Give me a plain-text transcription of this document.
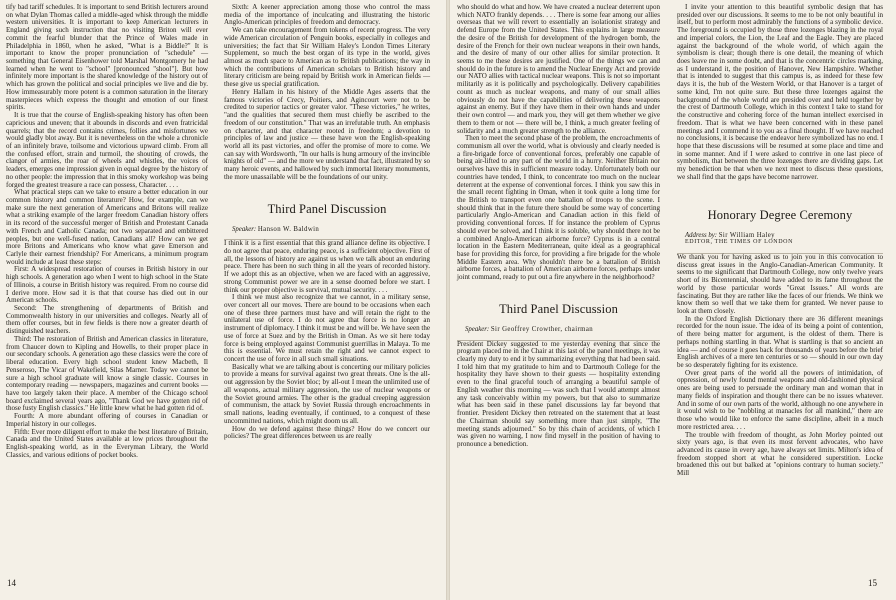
tify bad tariff schedules. It is important to send British lecturers around on what Dylan Thomas called a middle-aged whisk through the middle western universities. It is important to keep American lecturers in England giving such instruction that no visiting Briton will ever commit the fearful blunder that the Prince of Wales made in Philadelphia in 1860, when he asked, "What is a Biddle?" It is important to know the proper pronunciation of "schedule" — something that General Eisenhower told Marshal Montgomery he had learned when he went to "school" [pronounced "shool"]. But how infinitely more important is the shared knowledge of the history out of which has grown the political and social principles we live and die by. How immeasurably more potent is a common saturation in the literary masterpieces which express the thought and emotion of our finest spirits.

It is true that the course of English-speaking history has often been capricious and uneven; that it abounds in discords and even fratricidal quarrels; that the record contains crimes, follies and misfortunes we would gladly blot away. But it is nevertheless on the whole a chronicle of an infinitely brave, toilsome and victorious upward climb. From all the confused effort, strain and turmoil, the shouting of crowds, the clangor of armies, the roar of wheels and whistles, the voices of leaders, emerges one impression given in equal degree by the history of no other people: the impression that in this smoky workshop was being forged the greatest treasure a race can possess, Character. . . .

What practical steps can we take to ensure a better education in our common history and common literature? How, for example, can we make sure the next generation of Americans and Britons will realize what a striking example of the larger freedom Canadian history offers in its record of the successful merger of British and Protestant Canada with French and Catholic Canada; not two separated and embittered peoples, but one well-fused nation, Canadians all? How can we get more Britons and Americans who know what gave Emerson and Carlyle their earnest friendship? For Americans, a minimum program would include at least these steps:

First: A widespread restoration of courses in British history in our high schools. A generation ago when I went to high school in the State of Illinois, a course in British history was required. From no course did I derive more. How sad it is that that course has died out in our American schools.

Second: The strengthening of departments of British and Commonwealth history in our universities and colleges. Nearly all of them offer courses, but in few fields is there now a greater dearth of distinguished teachers.

Third: The restoration of British and American classics in literature, from Chaucer down to Kipling and Howells, to their proper place in our secondary schools. A generation ago these classics were the core of liberal education. Every high school student knew Macbeth, Il Penseroso, The Vicar of Wakefield, Silas Marner. Today we cannot be sure a high school graduate will know a single classic. Courses in contemporary reading — newspapers, magazines and current books — have too largely taken their place. A member of the Chicago school board exclaimed several years ago, "Thank God we have gotten rid of those fusty English classics." He little knew what he had gotten rid of.

Fourth: A more abundant offering of courses in Canadian or Imperial history in our colleges.

Fifth: Ever more diligent effort to make the best literature of Britain, Canada and the United States available at low prices throughout the English-speaking world, as in the Everyman Library, the World Classics, and various editions of pocket books.

Sixth: A keener appreciation among those who control the mass media of the importance of inculcating and illustrating the historic Anglo-American principles of freedom and democracy.

We can take encouragement from tokens of recent progress. The very wide American circulation of Penguin books, especially in colleges and universities; the fact that Sir William Haley's London Times Literary Supplement, so much the best organ of its type in the world, gives almost as much space to American as to British publications; the way in which the contributions of American scholars to British history and literary criticism are being repaid by British work in American fields — these give us special gratification.

Henry Hallam in his history of the Middle Ages asserts that the famous victories of Crecy, Poitiers, and Agincourt were not to be credited to superior tactics or greater valor. "These victories," he writes, "and the qualities that secured them must chiefly be ascribed to the freedom of our constitution." That was an irrefutable truth. An emphasis on character, and that character rooted in freedom; a devotion to principles of law and justice — these have won the English-speaking world all its past victories, and offer the promise of more to come. We can say with Wordsworth, "In our halls is hung armoury of the invincible knights of old" — and the more we understand that fact, illustrated by so many heroic events, and hallowed by such immortal literary monuments, the more unassailable will be the foundations of our unity.

Third Panel Discussion

Speaker: Hanson W. Baldwin

I think it is a first essential that this grand alliance define its objective. I do not agree that peace, enduring peace, is a sufficient objective. First of all, the lessons of history are against us when we talk about an enduring peace. There has been no such thing in all the years of recorded history. If we adopt this as an objective, when we are faced with an aggressive, strong Communist power we are in a sense doomed before we start. I think our proper objective is survival, mutual security. . . .

I think we must also recognize that we cannot, in a military sense, over concert all our moves. There are bound to be occasions when each one of these three partners must have and will retain the right to the unilateral use of force. I do not agree that force is no longer an instrument of diplomacy. I think it must be and will be. We have seen the use of force at Suez and by the British in Oman. As we sit here today force is being employed against Communist guerrillas in Malaya. To me this is essential. We must retain the right and we cannot expect to concert the use of force in all such small situations.

Basically what we are talking about is concerting our military policies to provide a means for survival against two great threats. One is the all-out aggression by the Soviet bloc; by all-out I mean the unlimited use of all weapons, actual military aggression, the use of nuclear weapons or the Soviet ground armies. The other is the gradual creeping aggression of communism, the attack by Soviet Russia through encroachments in small nations, leading eventually, if continued, to a conquest of these uncommitted nations, which might doom us all.

How do we defend against these things? How do we concert our policies? The great differences between us are really

14

who should do what and how. We have created a nuclear deterrent upon which NATO frankly depends. . . . There is some fear among our allies overseas that we will revert to essentially an isolationist strategy and defend Europe from the United States. This explains in large measure the desire of the British for development of the hydrogen bomb, the desire of the French for their own nuclear weapons in their own hands, and the desire of many of our other allies for similar protection. It seems to me these desires are justified. One of the things we can and should do in the future is to amend the Nuclear Energy Act and provide our NATO allies with tactical nuclear weapons. This is not so important militarily as it is politically and psychologically. Delivery capabilities count as much as nuclear weapons, and many of our small allies obviously do not have the capabilities of delivering these weapons against an enemy. But if they have them in their own hands and under their own control — and mark you, they will get them whether we give them to them or not — there will be, I think, a much greater feeling of solidarity and a much greater strength to the alliance.

Then to meet the second phase of the problem, the encroachments of communism all over the world, what is obviously and clearly needed is a fire-brigade force of conventional forces, preferably one capable of being air-lifted to any part of the world in a hurry. Neither Britain nor ourselves have this in sufficient measure today. Unfortunately both our countries have tended, I think, to concentrate too much on the nuclear deterrent at the expense of conventional forces. I think you saw this in the small recent fighting in Oman, when it took quite a long time for the British to transport even one battalion of troops to the scene. I should think that in the future there should be some way of concerting particularly Anglo-American and Canadian action in this field of providing conventional forces. If for instance the problem of Cyprus should ever be solved, and I think it is soluble, why should there not be a combined Anglo-American airborne force? Cyprus is in a central location in the Eastern Mediterranean, quite ideal as a geographical base for providing this force, for providing a fire brigade for the whole Middle Eastern area. Why shouldn't there be a battalion of British airborne forces, a battalion of American airborne forces, perhaps under joint command, ready to put out a fire anywhere in the neighborhood?

Third Panel Discussion

Speaker: Sir Geoffrey Crowther, chairman

President Dickey suggested to me yesterday evening that since the program placed me in the Chair at this last of the panel meetings, it was clearly my duty to end it by summarizing everything that had been said. I told him that my gratitude to him and to Dartmouth College for the hospitality they have shown to their guests — hospitality extending even to the final graceful touch of arranging a beautiful sample of English weather this morning — was such that I would attempt almost any task conceivably within my powers, but that also to summarize what has been said in these panel discussions lay far beyond that frontier. President Dickey then retreated on the statement that at least the Chairman should say something more than just simply, "The meeting stands adjourned." So by this chain of accidents, of which I was given no warning, I now find myself in the position of having to pronounce a benediction.

I invite your attention to this beautiful symbolic design that has presided over our discussions. It seems to me to be not only beautiful in itself, but to perform most admirably the functions of a symbolic device. The foreground is occupied by those three lozenges blazing in the royal and imperial colors, the Lion, the Leaf and the Eagle. They are placed against the background of the whole world, of which again the symbolism is clear; though there is one detail, the meaning of which does leave me in some doubt, and that is the concentric circles marking, as I understand it, the position of Hanover, New Hampshire. Whether that is intended to suggest that this campus is, as indeed for these few days it is, the hub of the Western World, or that Hanover is a target of some kind, I'm not quite sure. But these three lozenges against the background of the whole world are presided over and held together by the crest of Dartmouth College, which in this context I take to stand for the constructive and cohering force of the human intellect exercised in freedom. That is what we have been concerned with in these panel meetings and I commend it to you as a final thought. If we have reached no conclusions, it is because the endeavor here symbolized has no end. I hope that these discussions will be resumed at some place and time and in some manner. And if I were asked to contrive in one last piece of symbolism, that between the three lozenges there are dividing gaps. Let my benediction be that when we next meet to discuss these questions, we shall find that the gaps have become narrower.

Honorary Degree Ceremony

Address by: Sir William Haley

EDITOR, THE TIMES OF LONDON

We thank you for having asked us to join you in this convocation to discuss great issues in the Anglo-Canadian-American Community. It seems to me significant that Dartmouth College, now only twelve years short of its Bicentennial, should have added to its fame throughout the world by those particular words "Great Issues." All words are fascinating. But they are rather like the faces of our friends. We think we know them so well that we take them for granted. We never pause to look at them closely.

In the Oxford English Dictionary there are 36 different meanings recorded for the noun issue. The idea of its being a point of contention, of there being matter for argument, is the oldest of them. There is perhaps nothing startling in that. What is startling is that so ancient an idea — and of course it goes back for thousands of years before the brief English archives of a mere ten centuries or so — should in our own day be so desperately fighting for its existence.

Over great parts of the world all the powers of intimidation, of oppression, of newly found mental weapons and old-fashioned physical ones are being used to persuade the ordinary man and woman that in many fields of inspiration and thought there can be no issues whatever. And in some of our own parts of the world, although no one anywhere in it would wish to be "nobbling at manacles for all mankind," there are those who would like to enforce the same discipline, albeit in a much more restricted area. . . .

The trouble with freedom of thought, as John Morley pointed out sixty years ago, is that even its most fervent advocates, who have advanced its cause in every age, have always set limits. Milton's idea of freedom stopped short at what he considered superstition. Locke broadened this out but balked at "opinions contrary to human society." Mill

15
